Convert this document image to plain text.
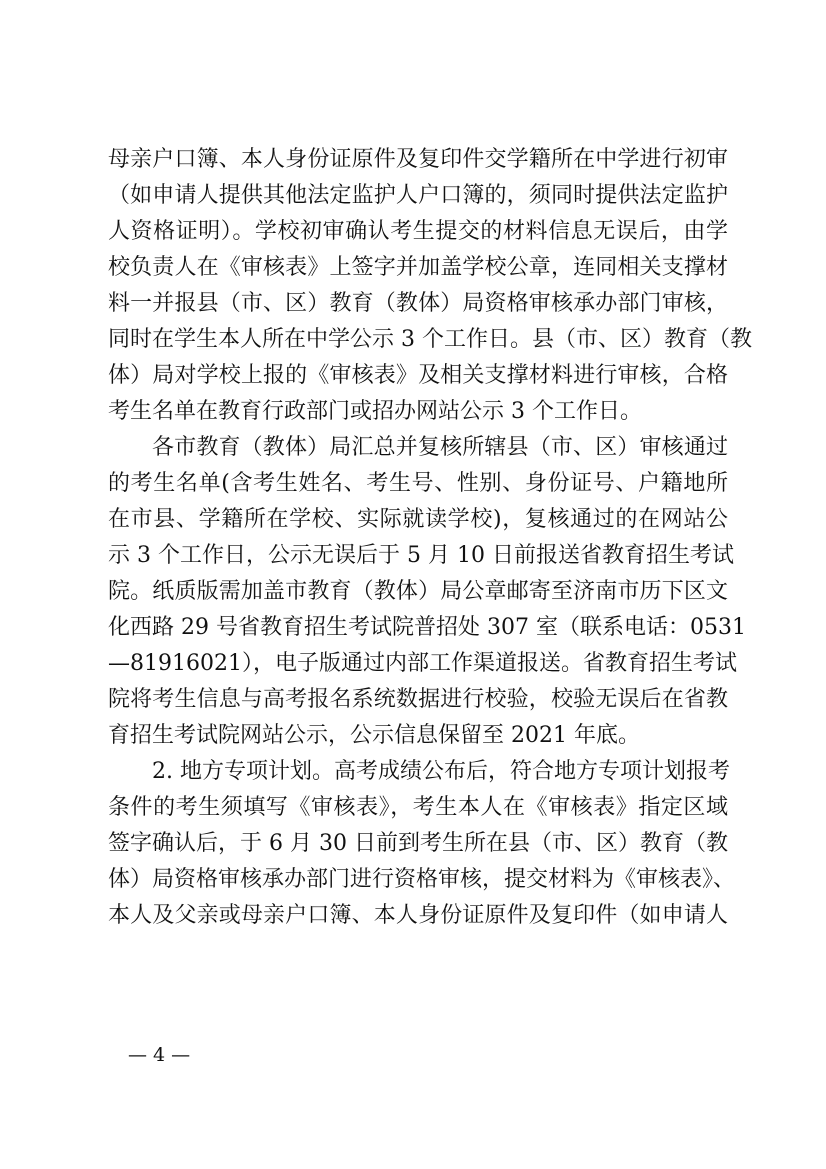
母亲户口簿、本人身份证原件及复印件交学籍所在中学进行初审
（如申请人提供其他法定监护人户口簿的，须同时提供法定监护
人资格证明）。学校初审确认考生提交的材料信息无误后，由学
校负责人在《审核表》上签字并加盖学校公章，连同相关支撑材
料一并报县（市、区）教育（教体）局资格审核承办部门审核，
同时在学生本人所在中学公示 3 个工作日。县（市、区）教育（教
体）局对学校上报的《审核表》及相关支撑材料进行审核，合格
考生名单在教育行政部门或招办网站公示 3 个工作日。
各市教育（教体）局汇总并复核所辖县（市、区）审核通过
的考生名单(含考生姓名、考生号、性别、身份证号、户籍地所
在市县、学籍所在学校、实际就读学校)，复核通过的在网站公
示 3 个工作日，公示无误后于 5 月 10 日前报送省教育招生考试
院。纸质版需加盖市教育（教体）局公章邮寄至济南市历下区文
化西路 29 号省教育招生考试院普招处 307 室（联系电话：0531
—81916021），电子版通过内部工作渠道报送。省教育招生考试
院将考生信息与高考报名系统数据进行校验，校验无误后在省教
育招生考试院网站公示，公示信息保留至 2021 年底。
2. 地方专项计划。高考成绩公布后，符合地方专项计划报考
条件的考生须填写《审核表》，考生本人在《审核表》指定区域
签字确认后，于 6 月 30 日前到考生所在县（市、区）教育（教
体）局资格审核承办部门进行资格审核，提交材料为《审核表》、
本人及父亲或母亲户口簿、本人身份证原件及复印件（如申请人
— 4 —
